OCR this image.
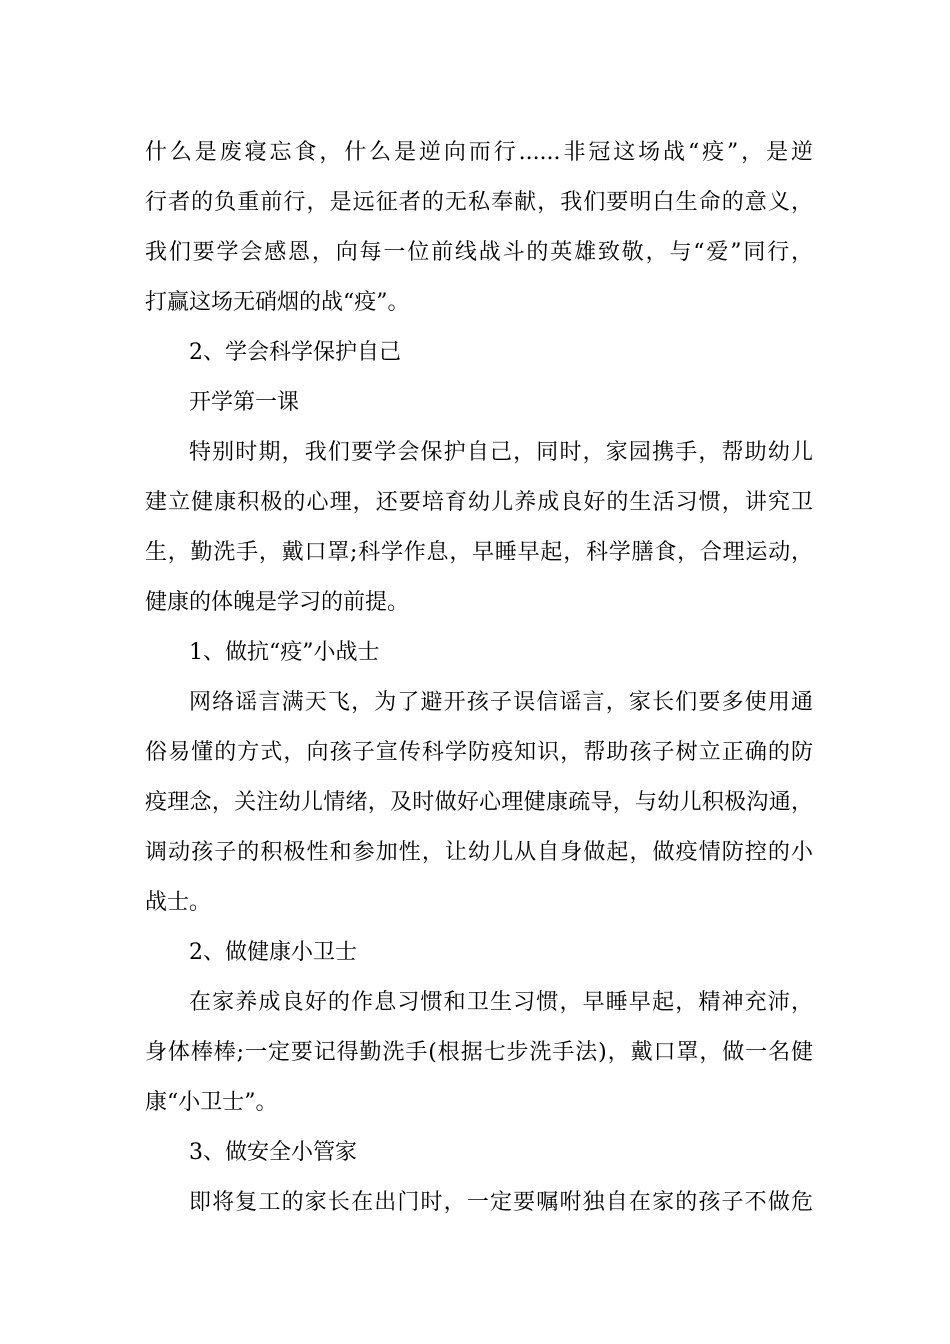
什么是废寝忘食，什么是逆向而行......非冠这场战“疫”，是逆
行者的负重前行，是远征者的无私奉献，我们要明白生命的意义，
我们要学会感恩，向每一位前线战斗的英雄致敬，与“爱”同行，
打赢这场无硝烟的战“疫”。
2、学会科学保护自己
开学第一课
特别时期，我们要学会保护自己，同时，家园携手，帮助幼儿
建立健康积极的心理，还要培育幼儿养成良好的生活习惯，讲究卫
生，勤洗手，戴口罩;科学作息，早睡早起，科学膳食，合理运动，
健康的体魄是学习的前提。
1、做抗“疫”小战士
网络谣言满天飞，为了避开孩子误信谣言，家长们要多使用通
俗易懂的方式，向孩子宣传科学防疫知识，帮助孩子树立正确的防
疫理念，关注幼儿情绪，及时做好心理健康疏导，与幼儿积极沟通，
调动孩子的积极性和参加性，让幼儿从自身做起，做疫情防控的小
战士。
2、做健康小卫士
在家养成良好的作息习惯和卫生习惯，早睡早起，精神充沛，
身体棒棒;一定要记得勤洗手(根据七步洗手法)，戴口罩，做一名健
康“小卫士”。
3、做安全小管家
即将复工的家长在出门时，一定要嘱咐独自在家的孩子不做危
